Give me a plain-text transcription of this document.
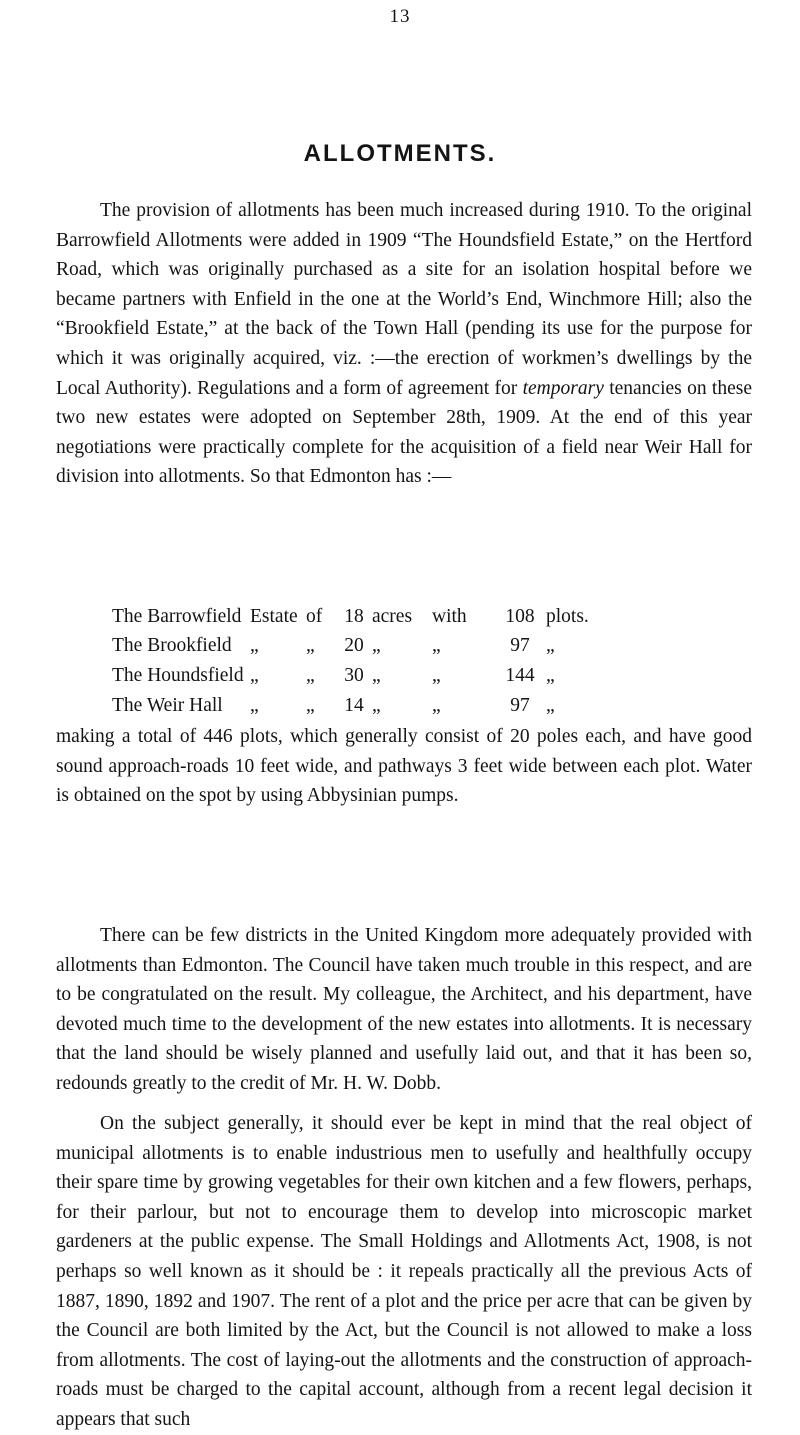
13
ALLOTMENTS.

The provision of allotments has been much increased during 1910. To the original Barrowfield Allotments were added in 1909 “The Houndsfield Estate,” on the Hertford Road, which was originally purchased as a site for an isolation hospital before we became partners with Enfield in the one at the World’s End, Winchmore Hill; also the “Brookfield Estate,” at the back of the Town Hall (pending its use for the purpose for which it was originally acquired, viz. :—the erection of workmen’s dwellings by the Local Authority). Regulations and a form of agreement for temporary tenancies on these two new estates were adopted on September 28th, 1909. At the end of this year negotiations were practically complete for the acquisition of a field near Weir Hall for division into allotments. So that Edmonton has :—

The Barrowfield	Estate	of	18	acres	with	108	plots.
The Brookfield	„	„	20	„	„	97	„
The Houndsfield	„	„	30	„	„	144	„
The Weir Hall	„	„	14	„	„	97	„

making a total of 446 plots, which generally consist of 20 poles each, and have good sound approach-roads 10 feet wide, and pathways 3 feet wide between each plot. Water is obtained on the spot by using Abbysinian pumps.

There can be few districts in the United Kingdom more adequately provided with allotments than Edmonton. The Council have taken much trouble in this respect, and are to be congratulated on the result. My colleague, the Architect, and his department, have devoted much time to the development of the new estates into allotments. It is necessary that the land should be wisely planned and usefully laid out, and that it has been so, redounds greatly to the credit of Mr. H. W. Dobb.

On the subject generally, it should ever be kept in mind that the real object of municipal allotments is to enable industrious men to usefully and healthfully occupy their spare time by growing vegetables for their own kitchen and a few flowers, perhaps, for their parlour, but not to encourage them to develop into microscopic market gardeners at the public expense. The Small Holdings and Allotments Act, 1908, is not perhaps so well known as it should be : it repeals practically all the previous Acts of 1887, 1890, 1892 and 1907. The rent of a plot and the price per acre that can be given by the Council are both limited by the Act, but the Council is not allowed to make a loss from allotments. The cost of laying-out the allotments and the construction of approach-roads must be charged to the capital account, although from a recent legal decision it appears that such
